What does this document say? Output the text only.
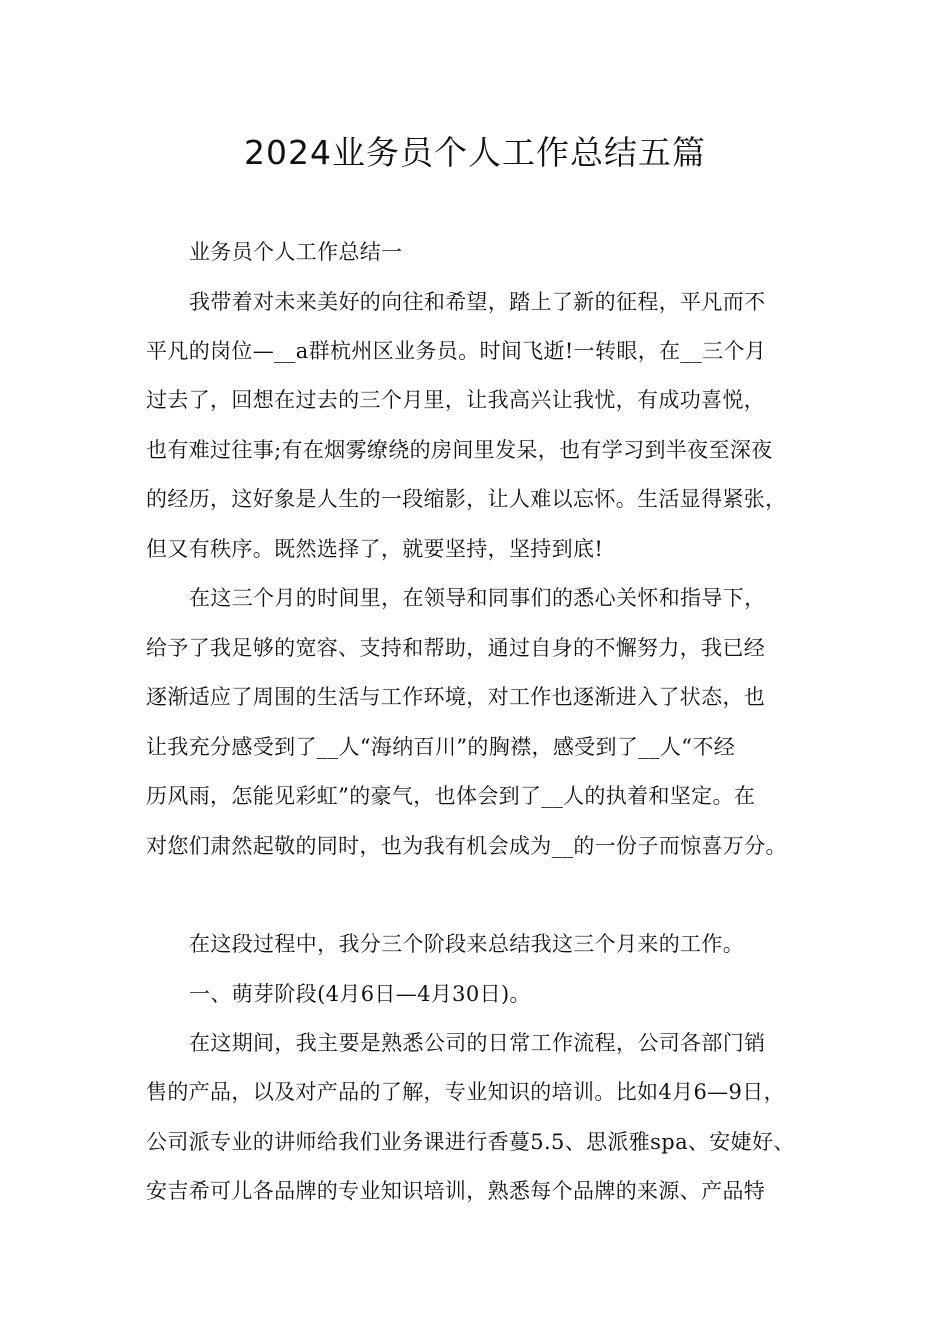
2024业务员个人工作总结五篇
业务员个人工作总结一
我带着对未来美好的向往和希望，踏上了新的征程，平凡而不
平凡的岗位—__a群杭州区业务员。时间飞逝!一转眼，在__三个月
过去了，回想在过去的三个月里，让我高兴让我忧，有成功喜悦，
也有难过往事;有在烟雾缭绕的房间里发呆，也有学习到半夜至深夜
的经历，这好象是人生的一段缩影，让人难以忘怀。生活显得紧张，
但又有秩序。既然选择了，就要坚持，坚持到底!
在这三个月的时间里，在领导和同事们的悉心关怀和指导下，
给予了我足够的宽容、支持和帮助，通过自身的不懈努力，我已经
逐渐适应了周围的生活与工作环境，对工作也逐渐进入了状态，也
让我充分感受到了__人“海纳百川”的胸襟，感受到了__人“不经
历风雨，怎能见彩虹”的豪气，也体会到了__人的执着和坚定。在
对您们肃然起敬的同时，也为我有机会成为__的一份子而惊喜万分。
在这段过程中，我分三个阶段来总结我这三个月来的工作。
一、萌芽阶段(4月6日—4月30日)。
在这期间，我主要是熟悉公司的日常工作流程，公司各部门销
售的产品，以及对产品的了解，专业知识的培训。比如4月6—9日，
公司派专业的讲师给我们业务课进行香蔓5.5、思派雅spa、安婕好、
安吉希可儿各品牌的专业知识培训，熟悉每个品牌的来源、产品特
